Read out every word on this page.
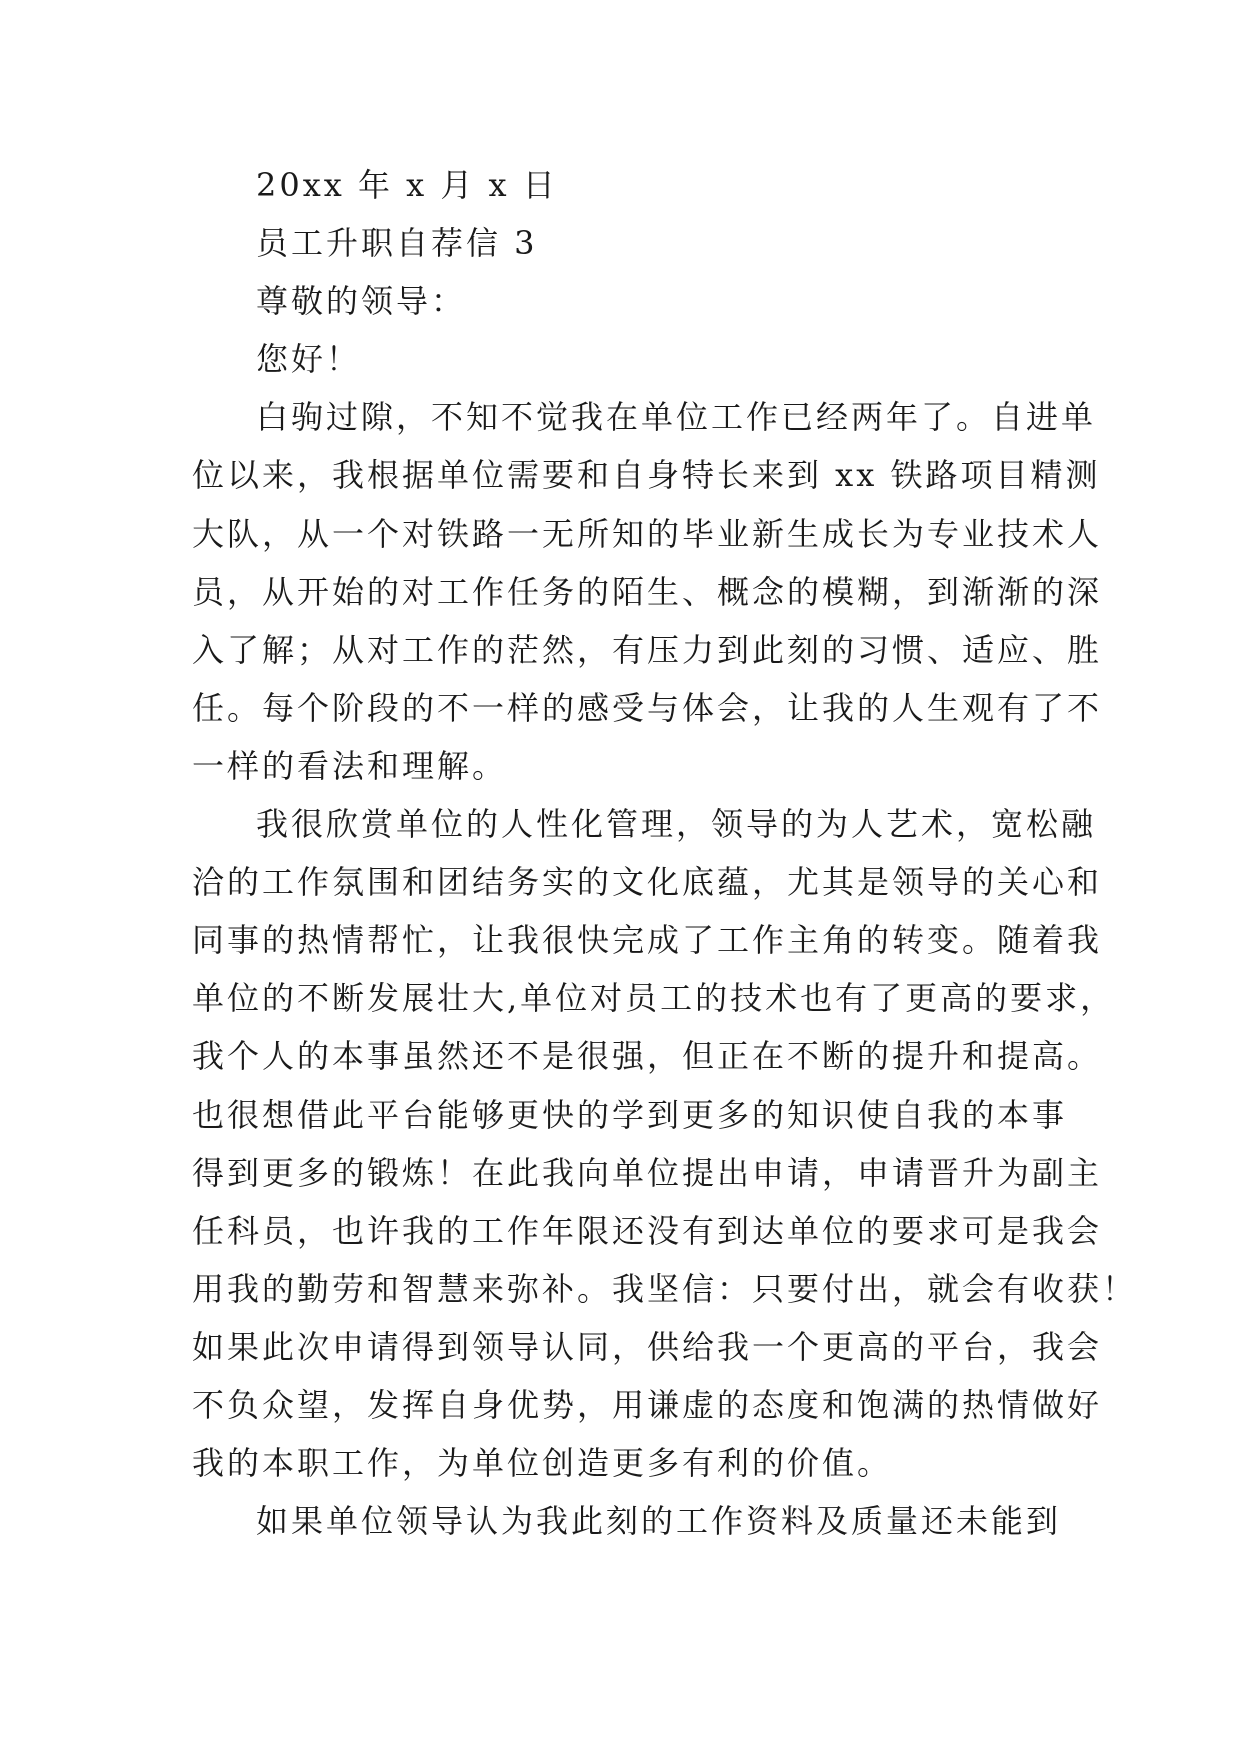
20xx 年 x 月 x 日

员工升职自荐信 3

尊敬的领导：

您好！

白驹过隙，不知不觉我在单位工作已经两年了。自进单

位以来，我根据单位需要和自身特长来到 xx 铁路项目精测

大队，从一个对铁路一无所知的毕业新生成长为专业技术人

员，从开始的对工作任务的陌生、概念的模糊，到渐渐的深

入了解；从对工作的茫然，有压力到此刻的习惯、适应、胜

任。每个阶段的不一样的感受与体会，让我的人生观有了不

一样的看法和理解。

我很欣赏单位的人性化管理，领导的为人艺术，宽松融

洽的工作氛围和团结务实的文化底蕴，尤其是领导的关心和

同事的热情帮忙，让我很快完成了工作主角的转变。随着我

单位的不断发展壮大,单位对员工的技术也有了更高的要求，

我个人的本事虽然还不是很强，但正在不断的提升和提高。

也很想借此平台能够更快的学到更多的知识使自我的本事

得到更多的锻炼！在此我向单位提出申请，申请晋升为副主

任科员，也许我的工作年限还没有到达单位的要求可是我会

用我的勤劳和智慧来弥补。我坚信：只要付出，就会有收获！

如果此次申请得到领导认同，供给我一个更高的平台，我会

不负众望，发挥自身优势，用谦虚的态度和饱满的热情做好

我的本职工作，为单位创造更多有利的价值。

如果单位领导认为我此刻的工作资料及质量还未能到
